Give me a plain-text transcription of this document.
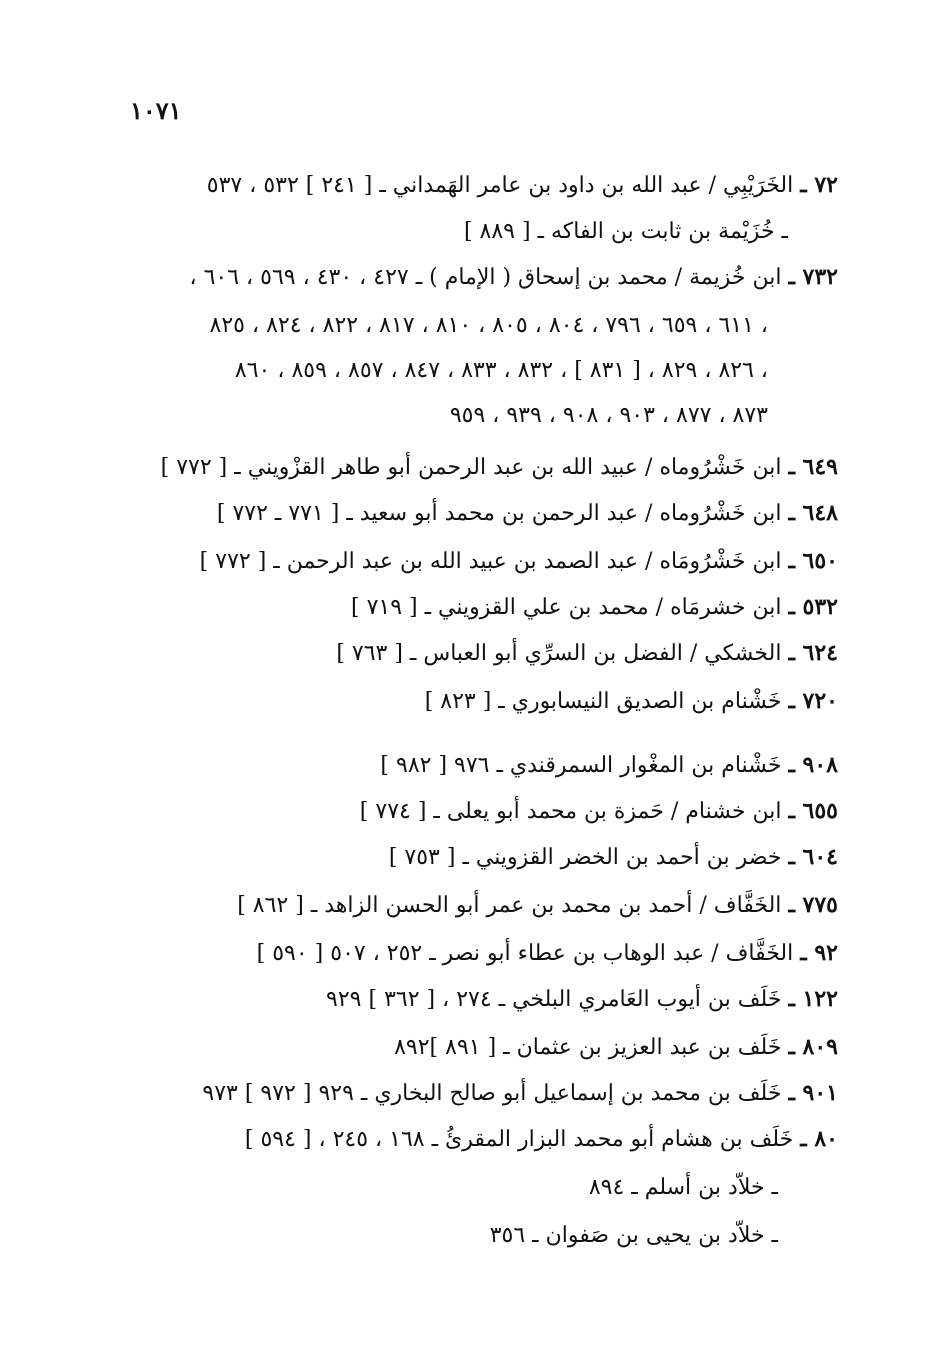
١٠٧١
٧٢ ـ الخَرَيْبِي / عبد الله بن داود بن عامر الهَمداني ـ [ ٢٤١ ] ٥٣٢ ، ٥٣٧
ـ خُزَيْمة بن ثابت بن الفاكه ـ [ ٨٨٩ ]
٧٣٢ ـ ابن خُزيمة / محمد بن إسحاق ( الإمام ) ـ ٤٢٧ ، ٤٣٠ ، ٥٦٩ ، ٦٠٦ ،
٦١١ ، ٦٥٩ ، ٧٩٦ ، ٨٠٤ ، ٨٠٥ ، ٨١٠ ، ٨١٧ ، ٨٢٢ ، ٨٢٤ ، ٨٢٥ ،
٨٢٦ ، ٨٢٩ ، [ ٨٣١ ] ، ٨٣٢ ، ٨٣٣ ، ٨٤٧ ، ٨٥٧ ، ٨٥٩ ، ٨٦٠ ،
٨٧٣ ، ٨٧٧ ، ٩٠٣ ، ٩٠٨ ، ٩٣٩ ، ٩٥٩
٦٤٩ ـ ابن خَشْرُوماه / عبيد الله بن عبد الرحمن أبو طاهر القزْويني ـ [ ٧٧٢ ]
٦٤٨ ـ ابن خَشْرُوماه / عبد الرحمن بن محمد أبو سعيد ـ [ ٧٧١ ـ ٧٧٢ ]
٦٥٠ ـ ابن خَشْرُومَاه / عبد الصمد بن عبيد الله بن عبد الرحمن ـ [ ٧٧٢ ]
٥٣٢ ـ ابن خشرمَاه / محمد بن علي القزويني ـ [ ٧١٩ ]
٦٢٤ ـ الخشكي / الفضل بن السرِّي أبو العباس ـ [ ٧٦٣ ]
٧٢٠ ـ خَشْنام بن الصديق النيسابوري ـ [ ٨٢٣ ]
٩٠٨ ـ خَشْنام بن المغْوار السمرقندي ـ ٩٧٦ [ ٩٨٢ ]
٦٥٥ ـ ابن خشنام / حَمزة بن محمد أبو يعلى ـ [ ٧٧٤ ]
٦٠٤ ـ خضر بن أحمد بن الخضر القزويني ـ [ ٧٥٣ ]
٧٧٥ ـ الخَفَّاف / أحمد بن محمد بن عمر أبو الحسن الزاهد ـ [ ٨٦٢ ]
٩٢ ـ الخَفَّاف / عبد الوهاب بن عطاء أبو نصر ـ ٢٥٢ ، ٥٠٧ [ ٥٩٠ ]
١٢٢ ـ خَلَف بن أيوب العَامري البلخي ـ ٢٧٤ ، [ ٣٦٢ ] ٩٢٩
٨٠٩ ـ خَلَف بن عبد العزيز بن عثمان ـ [ ٨٩١ ]٨٩٢
٩٠١ ـ خَلَف بن محمد بن إسماعيل أبو صالح البخاري ـ ٩٢٩ [ ٩٧٢ ] ٩٧٣
٨٠ ـ خَلَف بن هشام أبو محمد البزار المقرئُ ـ ١٦٨ ، ٢٤٥ ، [ ٥٩٤ ]
ـ خلاّد بن أسلم ـ ٨٩٤
ـ خلاّد بن يحيى بن صَفوان ـ ٣٥٦
